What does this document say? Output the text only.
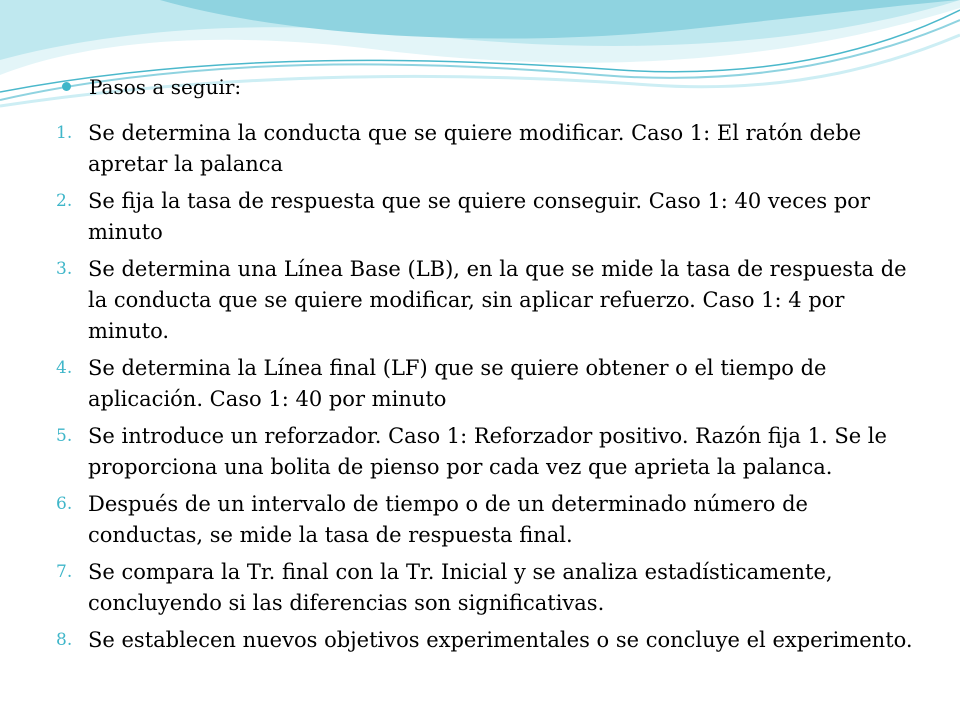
Pasos a seguir:
1. Se determina la conducta que se quiere modificar. Caso 1: El ratón debe apretar la palanca
2. Se fija la tasa de respuesta que se quiere conseguir. Caso 1: 40 veces por minuto
3. Se determina una Línea Base (LB), en la que se mide la tasa de respuesta de la conducta que se quiere modificar, sin aplicar refuerzo. Caso 1: 4 por minuto.
4. Se determina la Línea final (LF) que se quiere obtener o el tiempo de aplicación. Caso 1: 40 por minuto
5. Se introduce un reforzador. Caso 1: Reforzador positivo. Razón fija 1. Se le proporciona una bolita de pienso por cada vez que aprieta la palanca.
6. Después de un intervalo de tiempo o de un determinado número de conductas, se mide la tasa de respuesta final.
7. Se compara la Tr. final con la Tr. Inicial y se analiza estadísticamente, concluyendo si las diferencias son significativas.
8. Se establecen nuevos objetivos experimentales o se concluye el experimento.
